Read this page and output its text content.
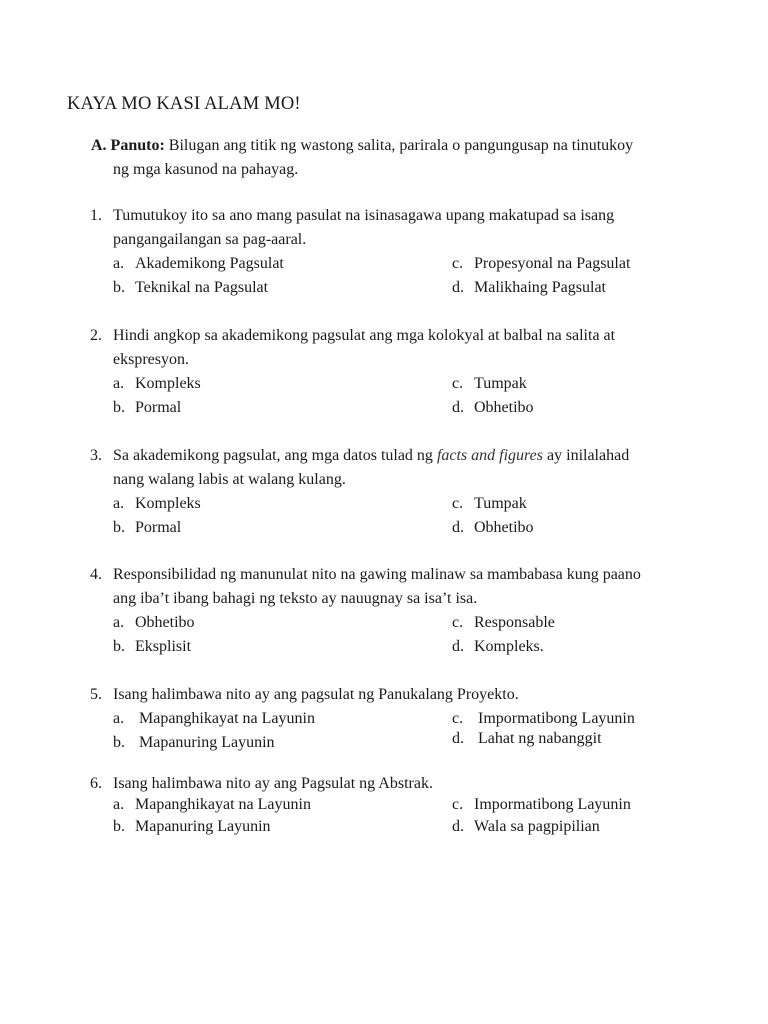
KAYA MO KASI ALAM MO!
A. Panuto: Bilugan ang titik ng wastong salita, parirala o pangungusap na tinutukoy
ng mga kasunod na pahayag.
1. Tumutukoy ito sa ano mang pasulat na isinasagawa upang makatupad sa isang
pangangailangan sa pag-aaral.
a. Akademikong Pagsulat
b. Teknikal na Pagsulat
c. Propesyonal na Pagsulat
d. Malikhaing Pagsulat
2. Hindi angkop sa akademikong pagsulat ang mga kolokyal at balbal na salita at
ekspresyon.
a. Kompleks
b. Pormal
c. Tumpak
d. Obhetibo
3. Sa akademikong pagsulat, ang mga datos tulad ng facts and figures ay inilalahad
nang walang labis at walang kulang.
a. Kompleks
b. Pormal
c. Tumpak
d. Obhetibo
4. Responsibilidad ng manunulat nito na gawing malinaw sa mambabasa kung paano
ang iba’t ibang bahagi ng teksto ay nauugnay sa isa’t isa.
a. Obhetibo
b. Eksplisit
c. Responsable
d. Kompleks.
5. Isang halimbawa nito ay ang pagsulat ng Panukalang Proyekto.
a. Mapanghikayat na Layunin
b. Mapanuring Layunin
c. Impormatibong Layunin
d. Lahat ng nabanggit
6. Isang halimbawa nito ay ang Pagsulat ng Abstrak.
a. Mapanghikayat na Layunin
b. Mapanuring Layunin
c. Impormatibong Layunin
d. Wala sa pagpipilian
